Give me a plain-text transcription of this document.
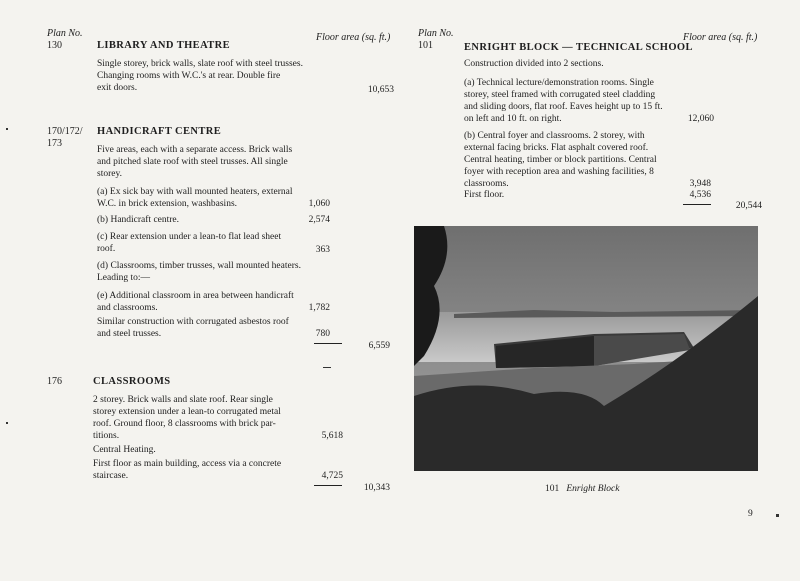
Plan No.	Floor area (sq. ft.)
130	LIBRARY AND THEATRE
Single storey, brick walls, slate roof with steel trusses.
Changing rooms with W.C.'s at rear. Double fire
exit doors.	10,653
170/172/
173
HANDICRAFT CENTRE
Five areas, each with a separate access. Brick walls
and pitched slate roof with steel trusses. All single
storey.
(a) Ex sick bay with wall mounted heaters, external
W.C. in brick extension, washbasins.	1,060
(b) Handicraft centre.	2,574
(c) Rear extension under a lean-to flat lead sheet
roof.	363
(d) Classrooms, timber trusses, wall mounted heaters.
Leading to:—
(e) Additional classroom in area between handicraft
and classrooms.	1,782
Similar construction with corrugated asbestos roof
and steel trusses.	780
6,559
176	CLASSROOMS
2 storey. Brick walls and slate roof. Rear single
storey extension under a lean-to corrugated metal
roof. Ground floor, 8 classrooms with brick par-
titions.	5,618
Central Heating.
First floor as main building, access via a concrete
staircase.	4,725
10,343
Plan No.	Floor area (sq. ft.)
101	ENRIGHT BLOCK — TECHNICAL SCHOOL
Construction divided into 2 sections.
(a) Technical lecture/demonstration rooms. Single
storey, steel framed with corrugated steel cladding
and sliding doors, flat roof. Eaves height up to 15 ft.
on left and 10 ft. on right.	12,060
(b) Central foyer and classrooms. 2 storey, with
external facing bricks. Flat asphalt covered roof.
Central heating, timber or block partitions. Central
foyer with reception area and washing facilities, 8
classrooms.	3,948
First floor.	4,536
20,544
101 Enright Block
9
